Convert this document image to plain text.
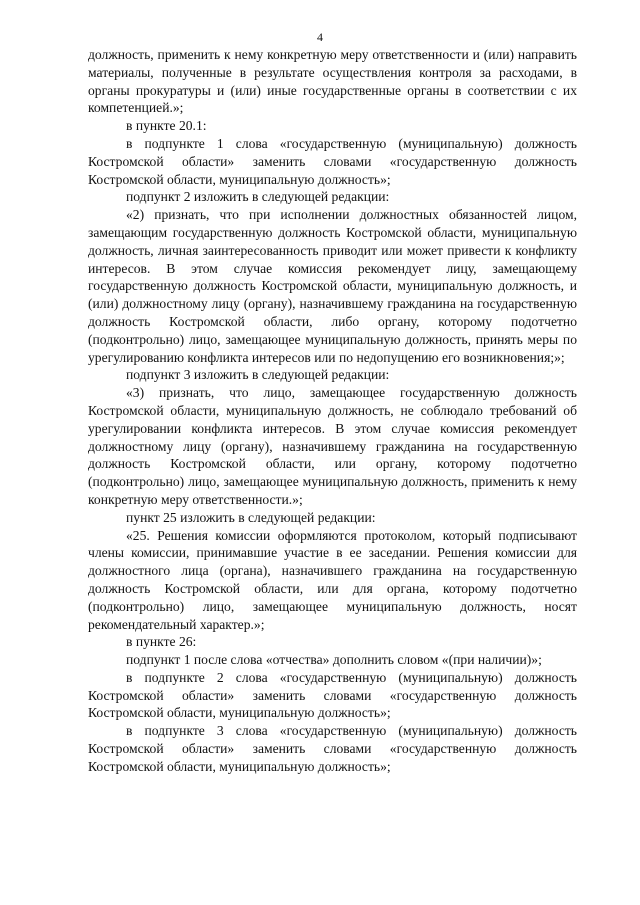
4

должность, применить к нему конкретную меру ответственности и (или) направить материалы, полученные в результате осуществления контроля за расходами, в органы прокуратуры и (или) иные государственные органы в соответствии с их компетенцией.»;

в пункте 20.1:

в подпункте 1 слова «государственную (муниципальную) должность Костромской области» заменить словами «государственную должность Костромской области, муниципальную должность»;

подпункт 2 изложить в следующей редакции:

«2) признать, что при исполнении должностных обязанностей лицом, замещающим государственную должность Костромской области, муниципальную должность, личная заинтересованность приводит или может привести к конфликту интересов. В этом случае комиссия рекомендует лицу, замещающему государственную должность Костромской области, муниципальную должность, и (или) должностному лицу (органу), назначившему гражданина на государственную должность Костромской области, либо органу, которому подотчетно (подконтрольно) лицо, замещающее муниципальную должность, принять меры по урегулированию конфликта интересов или по недопущению его возникновения;»;

подпункт 3 изложить в следующей редакции:

«3) признать, что лицо, замещающее государственную должность Костромской области, муниципальную должность, не соблюдало требований об урегулировании конфликта интересов. В этом случае комиссия рекомендует должностному лицу (органу), назначившему гражданина на государственную должность Костромской области, или органу, которому подотчетно (подконтрольно) лицо, замещающее муниципальную должность, применить к нему конкретную меру ответственности.»;

пункт 25 изложить в следующей редакции:

«25. Решения комиссии оформляются протоколом, который подписывают члены комиссии, принимавшие участие в ее заседании. Решения комиссии для должностного лица (органа), назначившего гражданина на государственную должность Костромской области, или для органа, которому подотчетно (подконтрольно) лицо, замещающее муниципальную должность, носят рекомендательный характер.»;

в пункте 26:

подпункт 1 после слова «отчества» дополнить словом «(при наличии)»;

в подпункте 2 слова «государственную (муниципальную) должность Костромской области» заменить словами «государственную должность Костромской области, муниципальную должность»;

в подпункте 3 слова «государственную (муниципальную) должность Костромской области» заменить словами «государственную должность Костромской области, муниципальную должность»;
